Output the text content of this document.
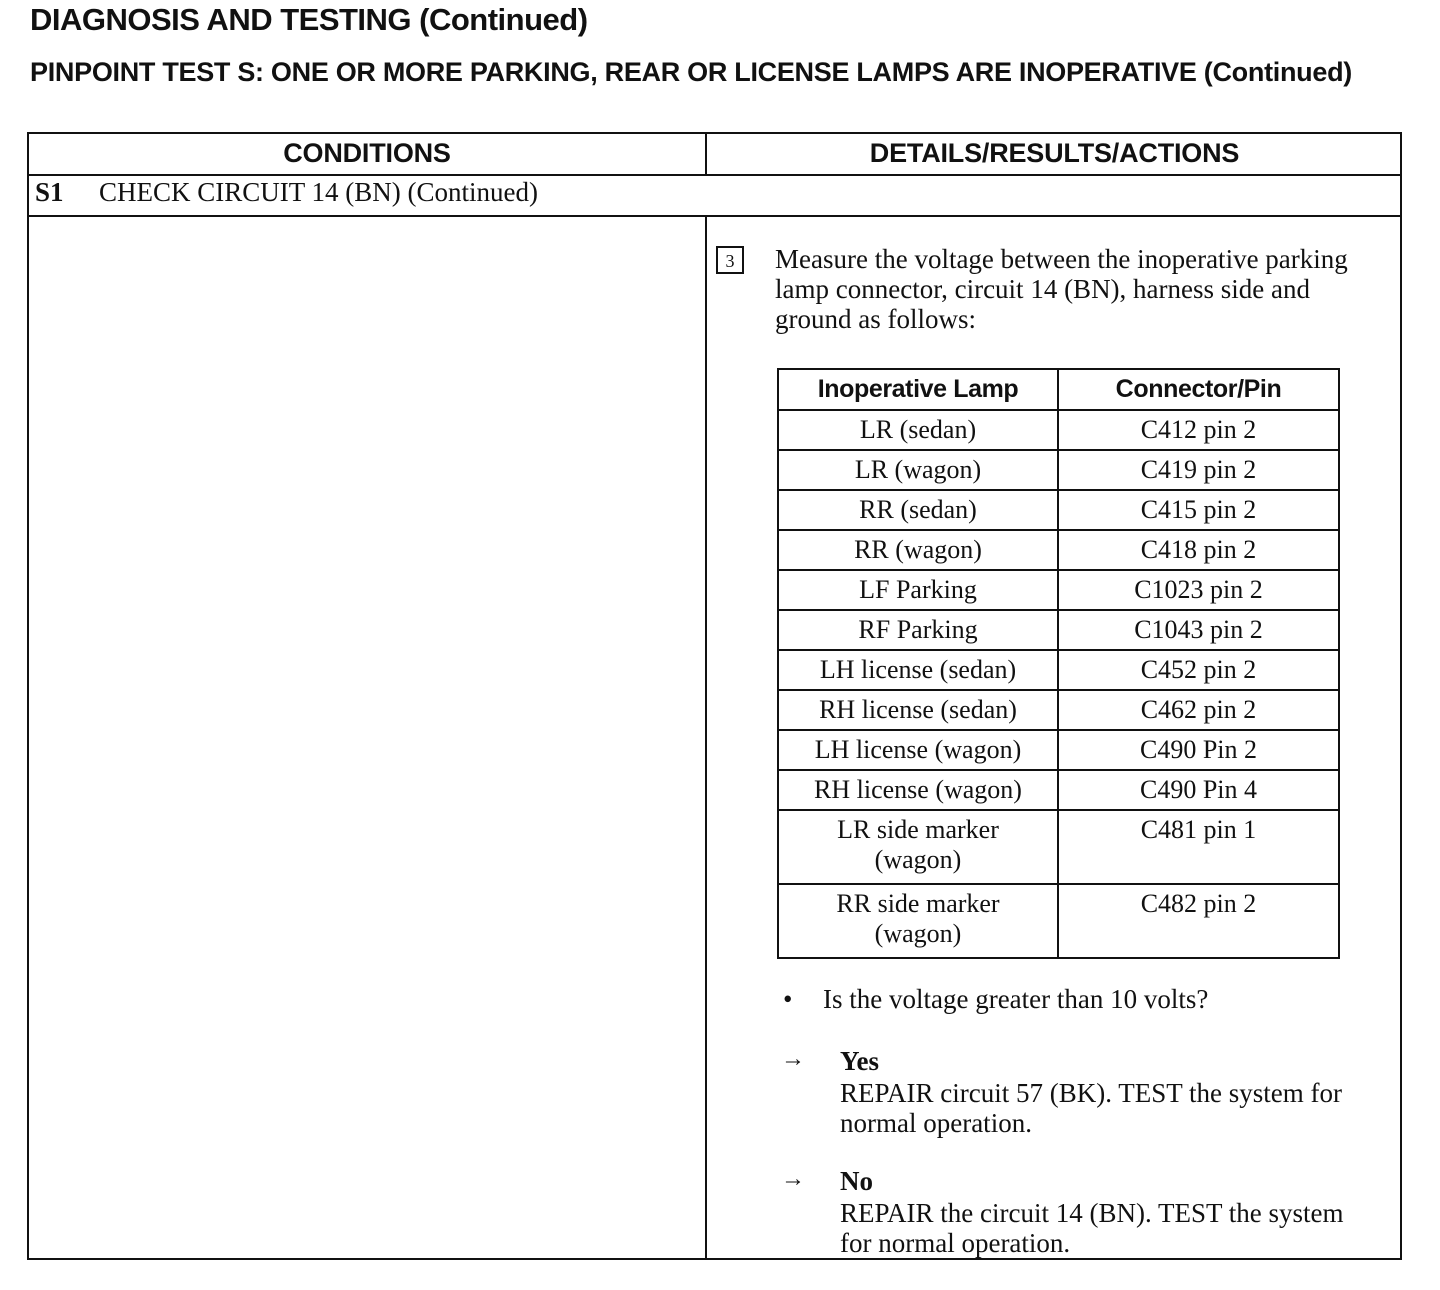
DIAGNOSIS AND TESTING (Continued)
PINPOINT TEST S: ONE OR MORE PARKING, REAR OR LICENSE LAMPS ARE INOPERATIVE (Continued)
CONDITIONS	DETAILS/RESULTS/ACTIONS
S1 CHECK CIRCUIT 14 (BN) (Continued)
3	Measure the voltage between the inoperative parking lamp connector, circuit 14 (BN), harness side and ground as follows:
Inoperative Lamp	Connector/Pin
LR (sedan)	C412 pin 2
LR (wagon)	C419 pin 2
RR (sedan)	C415 pin 2
RR (wagon)	C418 pin 2
LF Parking	C1023 pin 2
RF Parking	C1043 pin 2
LH license (sedan)	C452 pin 2
RH license (sedan)	C462 pin 2
LH license (wagon)	C490 Pin 2
RH license (wagon)	C490 Pin 4
LR side marker
(wagon)	C481 pin 1
RR side marker
(wagon)	C482 pin 2
• Is the voltage greater than 10 volts?
→ Yes
REPAIR circuit 57 (BK). TEST the system for normal operation.
→ No
REPAIR the circuit 14 (BN). TEST the system for normal operation.
